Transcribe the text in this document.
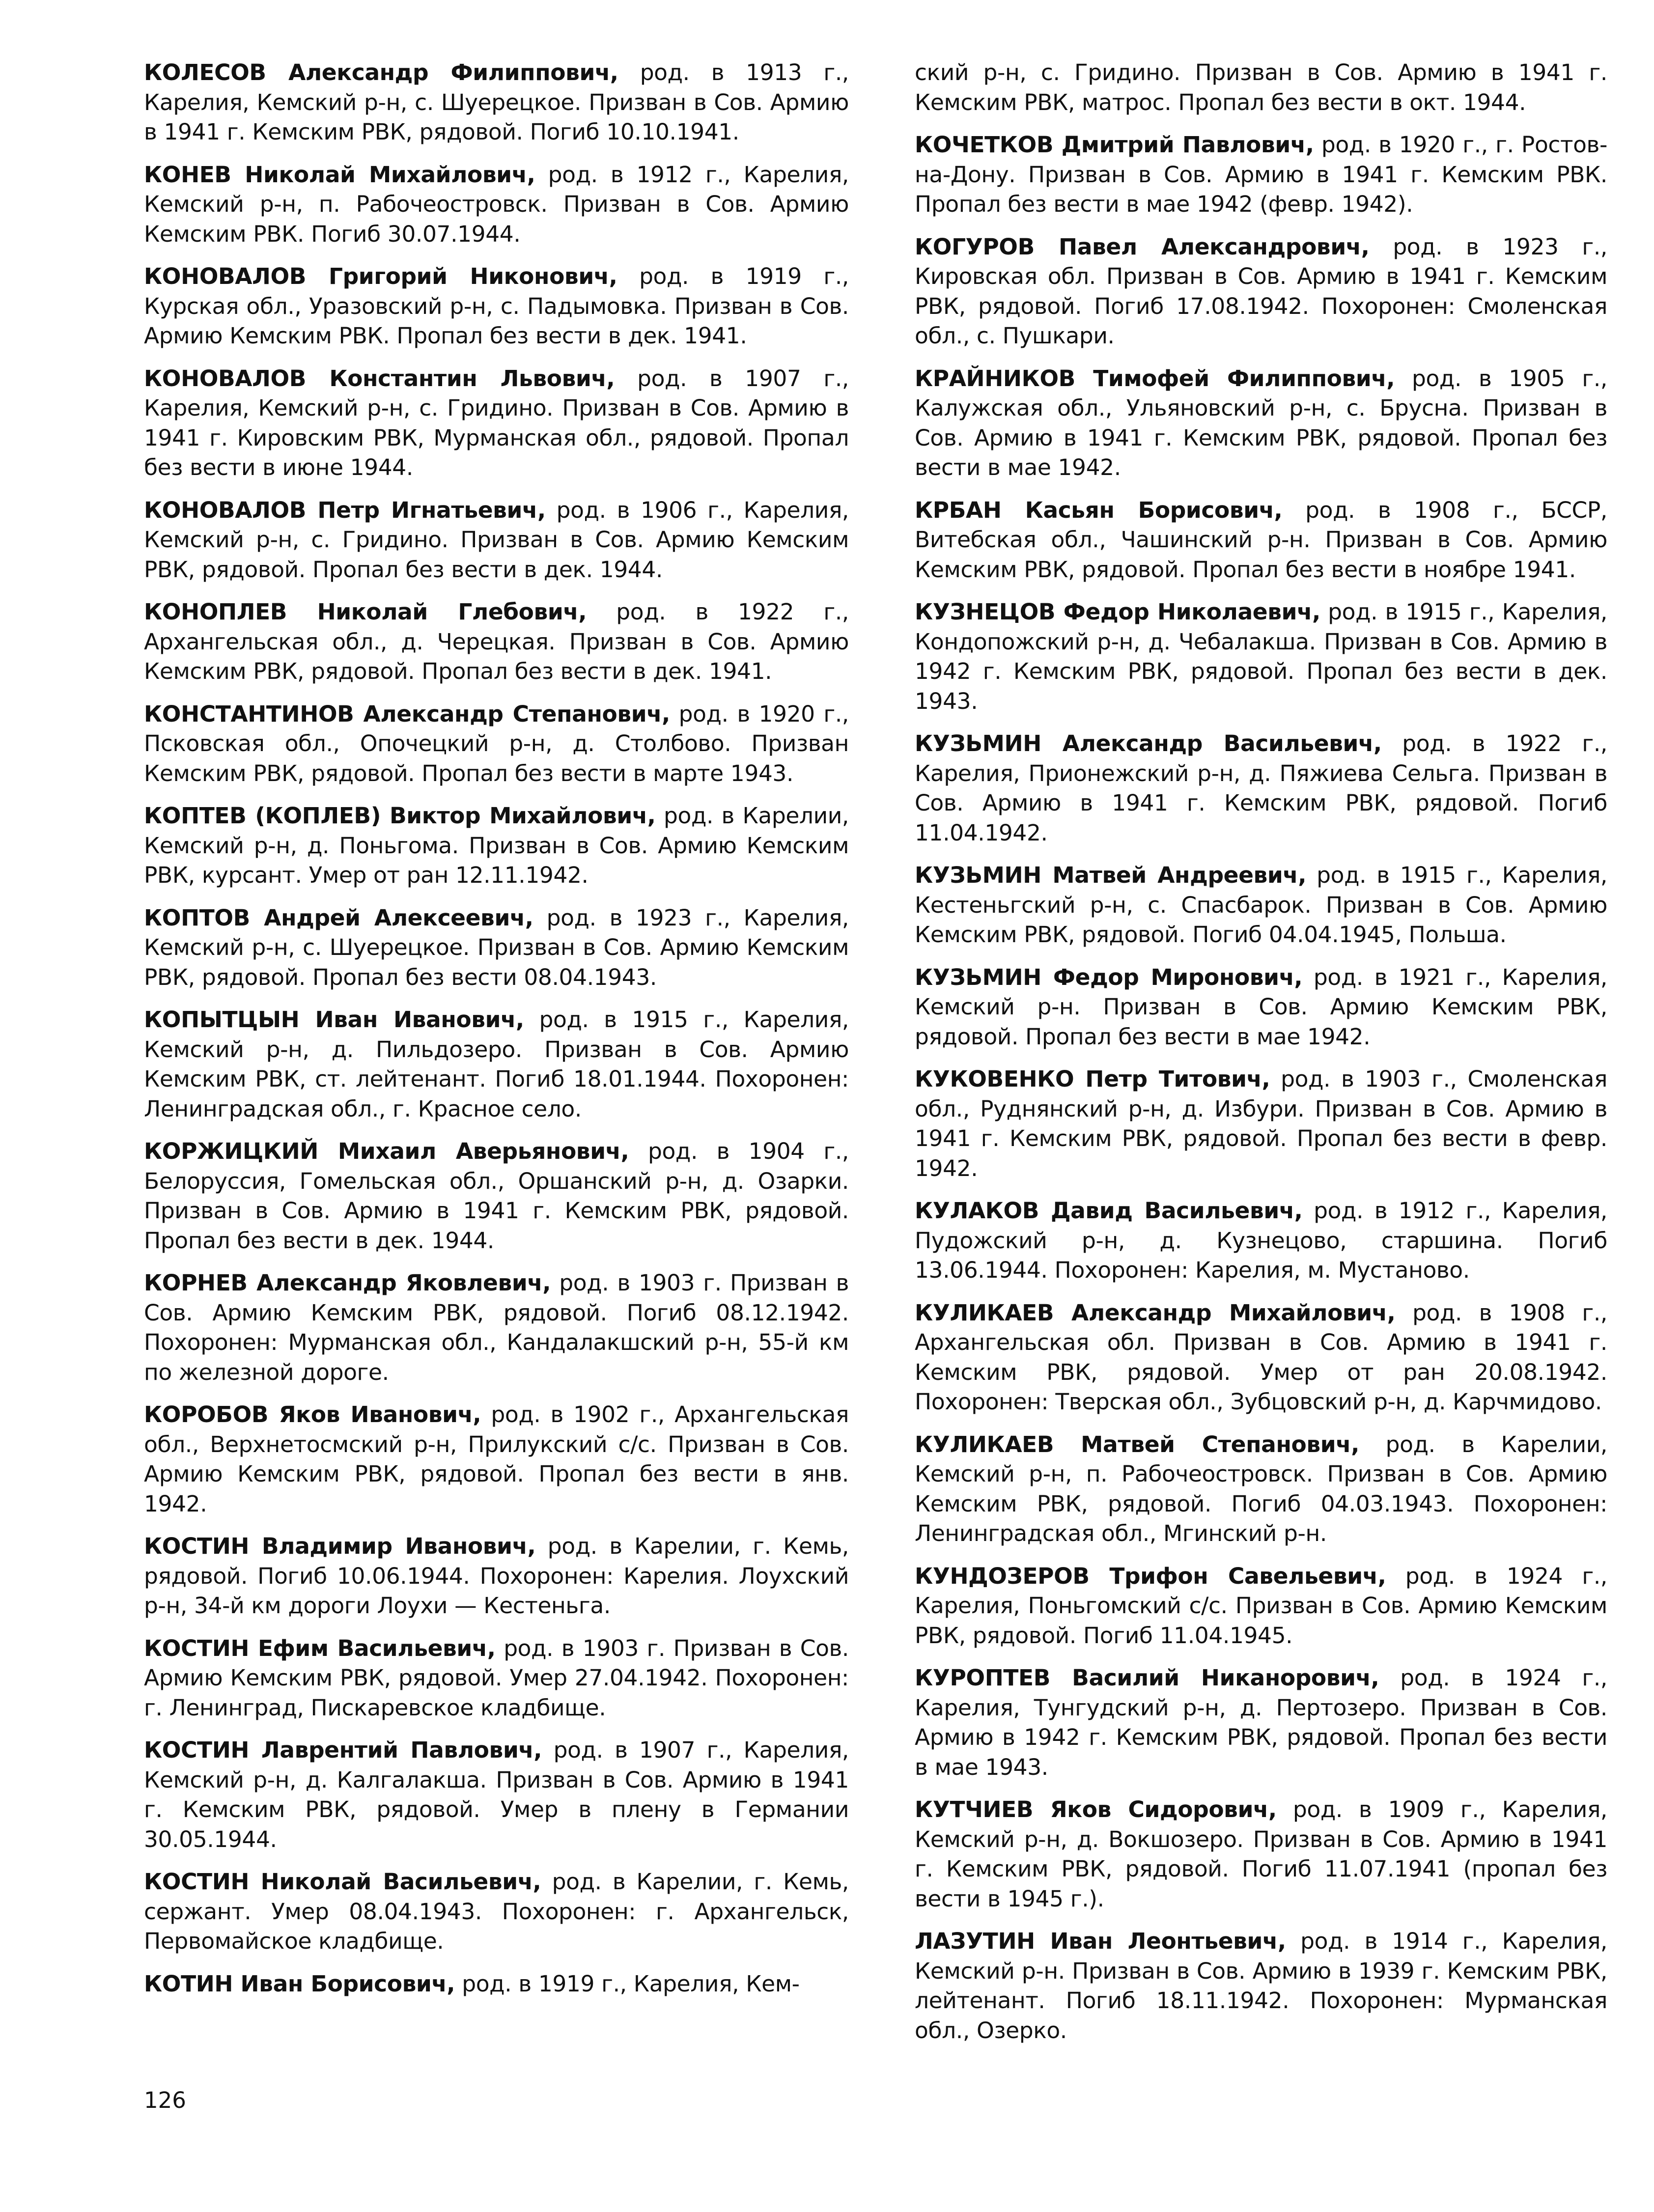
КОЛЕСОВ Александр Филиппович, род. в 1913 г., Карелия, Кемский р-н, с. Шуерецкое. Призван в Сов. Армию в 1941 г. Кемским РВК, рядовой. Погиб 10.10.1941.

КОНЕВ Николай Михайлович, род. в 1912 г., Карелия, Кемский р-н, п. Рабочеостровск. Призван в Сов. Армию Кемским РВК. Погиб 30.07.1944.

КОНОВАЛОВ Григорий Никонович, род. в 1919 г., Курская обл., Уразовский р-н, с. Падымовка. Призван в Сов. Армию Кемским РВК. Пропал без вести в дек. 1941.

КОНОВАЛОВ Константин Львович, род. в 1907 г., Карелия, Кемский р-н, с. Гридино. Призван в Сов. Армию в 1941 г. Кировским РВК, Мурманская обл., рядовой. Пропал без вести в июне 1944.

КОНОВАЛОВ Петр Игнатьевич, род. в 1906 г., Карелия, Кемский р-н, с. Гридино. Призван в Сов. Армию Кемским РВК, рядовой. Пропал без вести в дек. 1944.

КОНОПЛЕВ Николай Глебович, род. в 1922 г., Архангельская обл., д. Черецкая. Призван в Сов. Армию Кемским РВК, рядовой. Пропал без вести в дек. 1941.

КОНСТАНТИНОВ Александр Степанович, род. в 1920 г., Псковская обл., Опочецкий р-н, д. Столбово. Призван Кемским РВК, рядовой. Пропал без вести в марте 1943.

КОПТЕВ (КОПЛЕВ) Виктор Михайлович, род. в Карелии, Кемский р-н, д. Поньгома. Призван в Сов. Армию Кемским РВК, курсант. Умер от ран 12.11.1942.

КОПТОВ Андрей Алексеевич, род. в 1923 г., Карелия, Кемский р-н, с. Шуерецкое. Призван в Сов. Армию Кемским РВК, рядовой. Пропал без вести 08.04.1943.

КОПЫТЦЫН Иван Иванович, род. в 1915 г., Карелия, Кемский р-н, д. Пильдозеро. Призван в Сов. Армию Кемским РВК, ст. лейтенант. Погиб 18.01.1944. Похоронен: Ленинградская обл., г. Красное село.

КОРЖИЦКИЙ Михаил Аверьянович, род. в 1904 г., Белоруссия, Гомельская обл., Оршанский р-н, д. Озарки. Призван в Сов. Армию в 1941 г. Кемским РВК, рядовой. Пропал без вести в дек. 1944.

КОРНЕВ Александр Яковлевич, род. в 1903 г. Призван в Сов. Армию Кемским РВК, рядовой. Погиб 08.12.1942. Похоронен: Мурманская обл., Кандалакшский р-н, 55-й км по железной дороге.

КОРОБОВ Яков Иванович, род. в 1902 г., Архангельская обл., Верхнетосмский р-н, Прилукский с/с. Призван в Сов. Армию Кемским РВК, рядовой. Пропал без вести в янв. 1942.

КОСТИН Владимир Иванович, род. в Карелии, г. Кемь, рядовой. Погиб 10.06.1944. Похоронен: Карелия. Лоухский р-н, 34-й км дороги Лоухи — Кестеньга.

КОСТИН Ефим Васильевич, род. в 1903 г. Призван в Сов. Армию Кемским РВК, рядовой. Умер 27.04.1942. Похоронен: г. Ленинград, Пискаревское кладбище.

КОСТИН Лаврентий Павлович, род. в 1907 г., Карелия, Кемский р-н, д. Калгалакша. Призван в Сов. Армию в 1941 г. Кемским РВК, рядовой. Умер в плену в Германии 30.05.1944.

КОСТИН Николай Васильевич, род. в Карелии, г. Кемь, сержант. Умер 08.04.1943. Похоронен: г. Архангельск, Первомайское кладбище.

КОТИН Иван Борисович, род. в 1919 г., Карелия, Кем-

ский р-н, с. Гридино. Призван в Сов. Армию в 1941 г. Кемским РВК, матрос. Пропал без вести в окт. 1944.

КОЧЕТКОВ Дмитрий Павлович, род. в 1920 г., г. Ростов-на-Дону. Призван в Сов. Армию в 1941 г. Кемским РВК. Пропал без вести в мае 1942 (февр. 1942).

КОГУРОВ Павел Александрович, род. в 1923 г., Кировская обл. Призван в Сов. Армию в 1941 г. Кемским РВК, рядовой. Погиб 17.08.1942. Похоронен: Смоленская обл., с. Пушкари.

КРАЙНИКОВ Тимофей Филиппович, род. в 1905 г., Калужская обл., Ульяновский р-н, с. Брусна. Призван в Сов. Армию в 1941 г. Кемским РВК, рядовой. Пропал без вести в мае 1942.

КРБАН Касьян Борисович, род. в 1908 г., БССР, Витебская обл., Чашинский р-н. Призван в Сов. Армию Кемским РВК, рядовой. Пропал без вести в ноябре 1941.

КУЗНЕЦОВ Федор Николаевич, род. в 1915 г., Карелия, Кондопожский р-н, д. Чебалакша. Призван в Сов. Армию в 1942 г. Кемским РВК, рядовой. Пропал без вести в дек. 1943.

КУЗЬМИН Александр Васильевич, род. в 1922 г., Карелия, Прионежский р-н, д. Пяжиева Сельга. Призван в Сов. Армию в 1941 г. Кемским РВК, рядовой. Погиб 11.04.1942.

КУЗЬМИН Матвей Андреевич, род. в 1915 г., Карелия, Кестеньгский р-н, с. Спасбарок. Призван в Сов. Армию Кемским РВК, рядовой. Погиб 04.04.1945, Польша.

КУЗЬМИН Федор Миронович, род. в 1921 г., Карелия, Кемский р-н. Призван в Сов. Армию Кемским РВК, рядовой. Пропал без вести в мае 1942.

КУКОВЕНКО Петр Титович, род. в 1903 г., Смоленская обл., Руднянский р-н, д. Избури. Призван в Сов. Армию в 1941 г. Кемским РВК, рядовой. Пропал без вести в февр. 1942.

КУЛАКОВ Давид Васильевич, род. в 1912 г., Карелия, Пудожский р-н, д. Кузнецово, старшина. Погиб 13.06.1944. Похоронен: Карелия, м. Мустаново.

КУЛИКАЕВ Александр Михайлович, род. в 1908 г., Архангельская обл. Призван в Сов. Армию в 1941 г. Кемским РВК, рядовой. Умер от ран 20.08.1942. Похоронен: Тверская обл., Зубцовский р-н, д. Карчмидово.

КУЛИКАЕВ Матвей Степанович, род. в Карелии, Кемский р-н, п. Рабочеостровск. Призван в Сов. Армию Кемским РВК, рядовой. Погиб 04.03.1943. Похоронен: Ленинградская обл., Мгинский р-н.

КУНДОЗЕРОВ Трифон Савельевич, род. в 1924 г., Карелия, Поньгомский с/с. Призван в Сов. Армию Кемским РВК, рядовой. Погиб 11.04.1945.

КУРОПТЕВ Василий Никанорович, род. в 1924 г., Карелия, Тунгудский р-н, д. Пертозеро. Призван в Сов. Армию в 1942 г. Кемским РВК, рядовой. Пропал без вести в мае 1943.

КУТЧИЕВ Яков Сидорович, род. в 1909 г., Карелия, Кемский р-н, д. Вокшозеро. Призван в Сов. Армию в 1941 г. Кемским РВК, рядовой. Погиб 11.07.1941 (пропал без вести в 1945 г.).

ЛАЗУТИН Иван Леонтьевич, род. в 1914 г., Карелия, Кемский р-н. Призван в Сов. Армию в 1939 г. Кемским РВК, лейтенант. Погиб 18.11.1942. Похоронен: Мурманская обл., Озерко.

126
